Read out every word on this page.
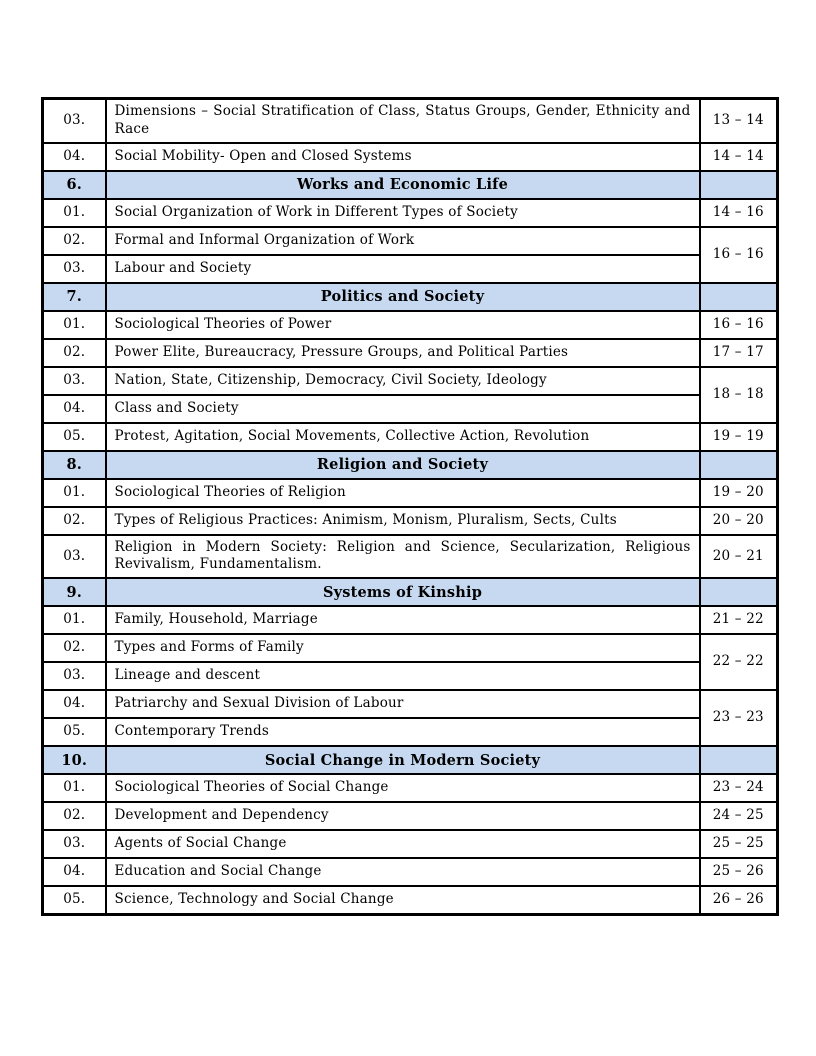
03.	Dimensions – Social Stratification of Class, Status Groups, Gender, Ethnicity and Race	13 – 14
04.	Social Mobility- Open and Closed Systems	14 – 14
6.	Works and Economic Life	
01.	Social Organization of Work in Different Types of Society	14 – 16
02.	Formal and Informal Organization of Work	16 – 16
03.	Labour and Society	
7.	Politics and Society	
01.	Sociological Theories of Power	16 – 16
02.	Power Elite, Bureaucracy, Pressure Groups, and Political Parties	17 – 17
03.	Nation, State, Citizenship, Democracy, Civil Society, Ideology	18 – 18
04.	Class and Society	
05.	Protest, Agitation, Social Movements, Collective Action, Revolution	19 – 19
8.	Religion and Society	
01.	Sociological Theories of Religion	19 – 20
02.	Types of Religious Practices: Animism, Monism, Pluralism, Sects, Cults	20 – 20
03.	Religion in Modern Society: Religion and Science, Secularization, Religious Revivalism, Fundamentalism.	20 – 21
9.	Systems of Kinship	
01.	Family, Household, Marriage	21 – 22
02.	Types and Forms of Family	22 – 22
03.	Lineage and descent	
04.	Patriarchy and Sexual Division of Labour	23 – 23
05.	Contemporary Trends	
10.	Social Change in Modern Society	
01.	Sociological Theories of Social Change	23 – 24
02.	Development and Dependency	24 – 25
03.	Agents of Social Change	25 – 25
04.	Education and Social Change	25 – 26
05.	Science, Technology and Social Change	26 – 26
